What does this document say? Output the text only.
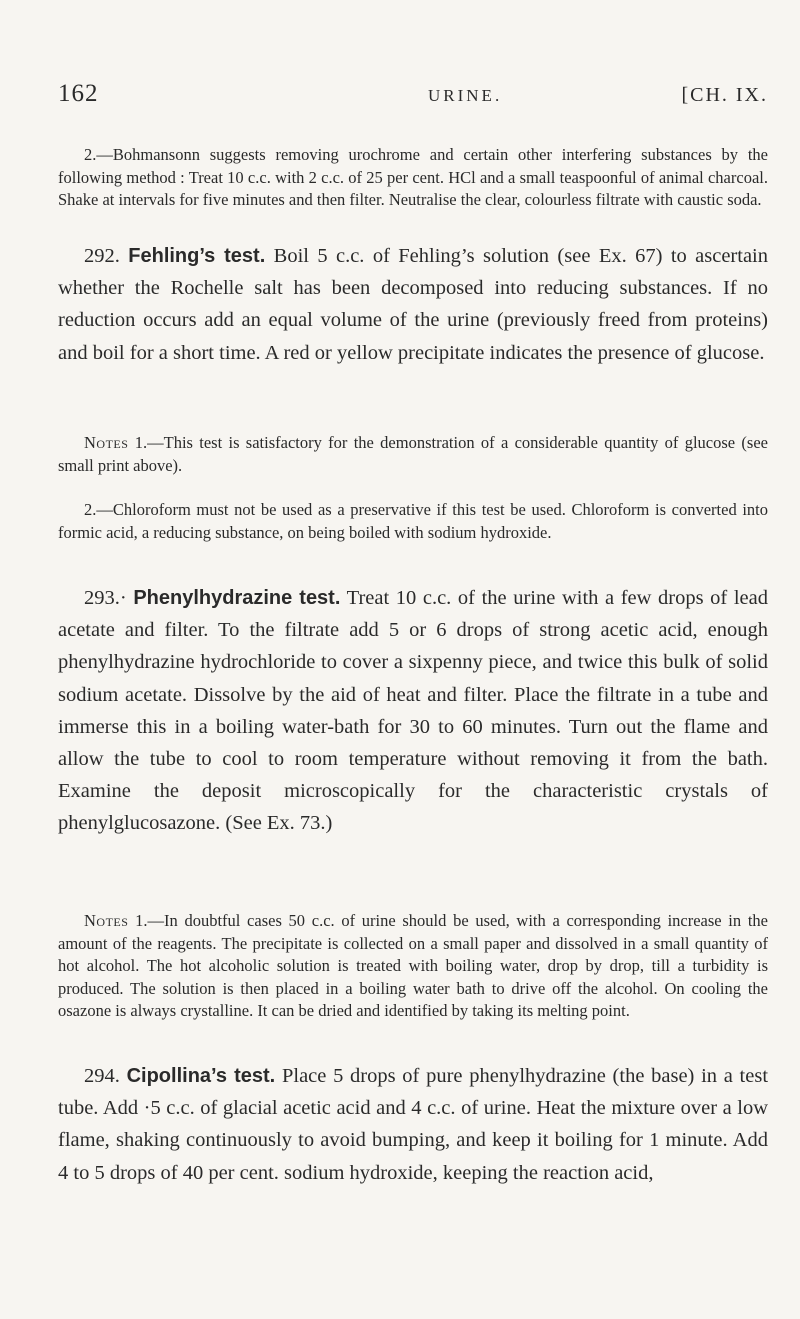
162	URINE.	[CH. IX.

2.—Bohmansonn suggests removing urochrome and certain other interfering substances by the following method : Treat 10 c.c. with 2 c.c. of 25 per cent. HCl and a small teaspoonful of animal charcoal. Shake at intervals for five minutes and then filter. Neutralise the clear, colourless filtrate with caustic soda.

292. Fehling’s test. Boil 5 c.c. of Fehling’s solution (see Ex. 67) to ascertain whether the Rochelle salt has been decomposed into reducing substances. If no reduction occurs add an equal volume of the urine (previously freed from proteins) and boil for a short time. A red or yellow precipitate indicates the presence of glucose.

Notes 1.—This test is satisfactory for the demonstration of a considerable quantity of glucose (see small print above).

2.—Chloroform must not be used as a preservative if this test be used. Chloroform is converted into formic acid, a reducing substance, on being boiled with sodium hydroxide.

293.· Phenylhydrazine test. Treat 10 c.c. of the urine with a few drops of lead acetate and filter. To the filtrate add 5 or 6 drops of strong acetic acid, enough phenylhydrazine hydrochloride to cover a sixpenny piece, and twice this bulk of solid sodium acetate. Dissolve by the aid of heat and filter. Place the filtrate in a tube and immerse this in a boiling water-bath for 30 to 60 minutes. Turn out the flame and allow the tube to cool to room temperature without removing it from the bath. Examine the deposit microscopically for the characteristic crystals of phenylglucosazone. (See Ex. 73.)

Notes 1.—In doubtful cases 50 c.c. of urine should be used, with a corresponding increase in the amount of the reagents. The precipitate is collected on a small paper and dissolved in a small quantity of hot alcohol. The hot alcoholic solution is treated with boiling water, drop by drop, till a turbidity is produced. The solution is then placed in a boiling water bath to drive off the alcohol. On cooling the osazone is always crystalline. It can be dried and identified by taking its melting point.

294. Cipollina’s test. Place 5 drops of pure phenylhydrazine (the base) in a test tube. Add ·5 c.c. of glacial acetic acid and 4 c.c. of urine. Heat the mixture over a low flame, shaking continuously to avoid bumping, and keep it boiling for 1 minute. Add 4 to 5 drops of 40 per cent. sodium hydroxide, keeping the reaction acid,
